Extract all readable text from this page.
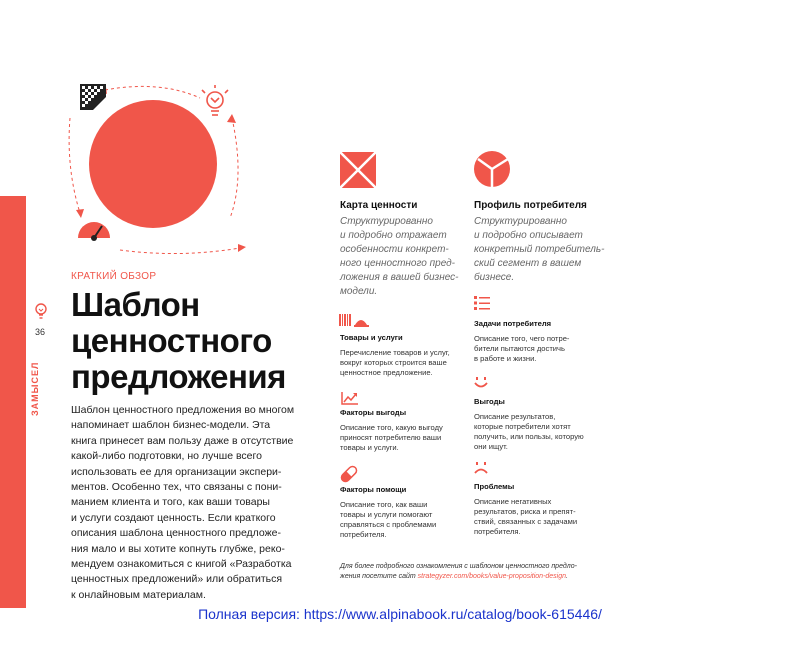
36
ЗАМЫСЕЛ
КРАТКИЙ ОБЗОР
Шаблон
ценностного
предложения

Шаблон ценностного предложения во многом
напоминает шаблон бизнес-модели. Эта
книга принесет вам пользу даже в отсутствие
какой-либо подготовки, но лучше всего
использовать ее для организации экспери-
ментов. Особенно тех, что связаны с пони-
манием клиента и того, как ваши товары
и услуги создают ценность. Если краткого
описания шаблона ценностного предложе-
ния мало и вы хотите копнуть глубже, реко-
мендуем ознакомиться с книгой «Разработка
ценностных предложений» или обратиться
к онлайновым материалам.

Карта ценности

Структурированно
и подробно отражает
особенности конкрет-
ного ценностного пред-
ложения в вашей бизнес-
модели.

Товары и услуги

Перечисление товаров и услуг,
вокруг которых строится ваше
ценностное предложение.

Факторы выгоды

Описание того, какую выгоду
приносят потребителю ваши
товары и услуги.

Факторы помощи

Описание того, как ваши
товары и услуги помогают
справляться с проблемами
потребителя.

Профиль потребителя

Структурированно
и подробно описывает
конкретный потребитель-
ский сегмент в вашем
бизнесе.

Задачи потребителя

Описание того, чего потре-
бители пытаются достичь
в работе и жизни.

Выгоды

Описание результатов,
которые потребители хотят
получить, или пользы, которую
они ищут.

Проблемы

Описание негативных
результатов, риска и препят-
ствий, связанных с задачами
потребителя.

Для более подробного ознакомления с шаблоном ценностного предло-
жения посетите сайт strategyzer.com/books/value-proposition-design.

Полная версия: https://www.alpinabook.ru/catalog/book-615446/
